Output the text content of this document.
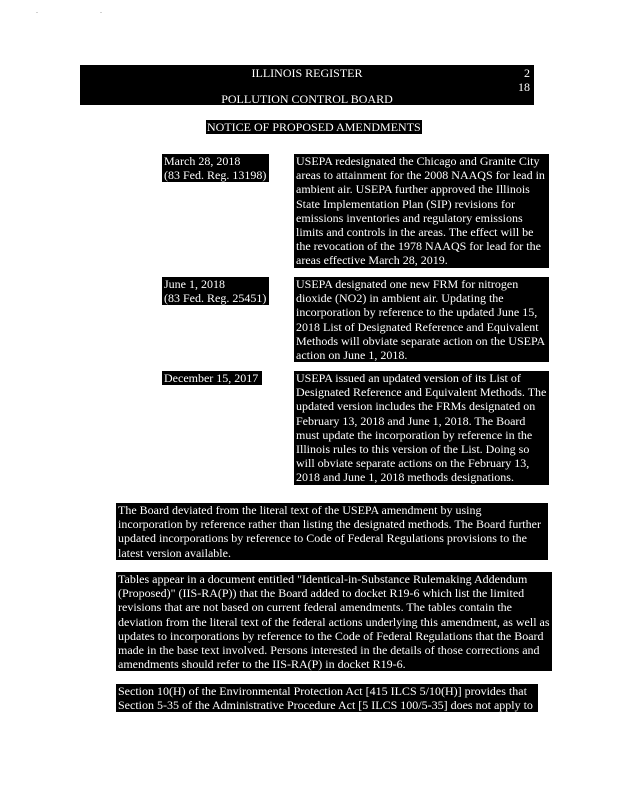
. .
ILLINOIS REGISTER	2
18
POLLUTION CONTROL BOARD
NOTICE OF PROPOSED AMENDMENTS
March 28, 2018
(83 Fed. Reg. 13198)
USEPA redesignated the Chicago and Granite City areas to attainment for the 2008 NAAQS for lead in ambient air. USEPA further approved the Illinois State Implementation Plan (SIP) revisions for emissions inventories and regulatory emissions limits and controls in the areas. The effect will be the revocation of the 1978 NAAQS for lead for the areas effective March 28, 2019.
June 1, 2018
(83 Fed. Reg. 25451)
USEPA designated one new FRM for nitrogen dioxide (NO2) in ambient air. Updating the incorporation by reference to the updated June 15, 2018 List of Designated Reference and Equivalent Methods will obviate separate action on the USEPA action on June 1, 2018.
December 15, 2017	USEPA issued an updated version of its List of Designated Reference and Equivalent Methods. The updated version includes the FRMs designated on February 13, 2018 and June 1, 2018. The Board must update the incorporation by reference in the Illinois rules to this version of the List. Doing so will obviate separate actions on the February 13, 2018 and June 1, 2018 methods designations.
The Board deviated from the literal text of the USEPA amendment by using incorporation by reference rather than listing the designated methods. The Board further updated incorporations by reference to Code of Federal Regulations provisions to the latest version available.
Tables appear in a document entitled "Identical-in-Substance Rulemaking Addendum (Proposed)" (IIS-RA(P)) that the Board added to docket R19-6 which list the limited revisions that are not based on current federal amendments. The tables contain the deviation from the literal text of the federal actions underlying this amendment, as well as updates to incorporations by reference to the Code of Federal Regulations that the Board made in the base text involved. Persons interested in the details of those corrections and amendments should refer to the IIS-RA(P) in docket R19-6.
Section 10(H) of the Environmental Protection Act [415 ILCS 5/10(H)] provides that Section 5-35 of the Administrative Procedure Act [5 ILCS 100/5-35] does not apply to
